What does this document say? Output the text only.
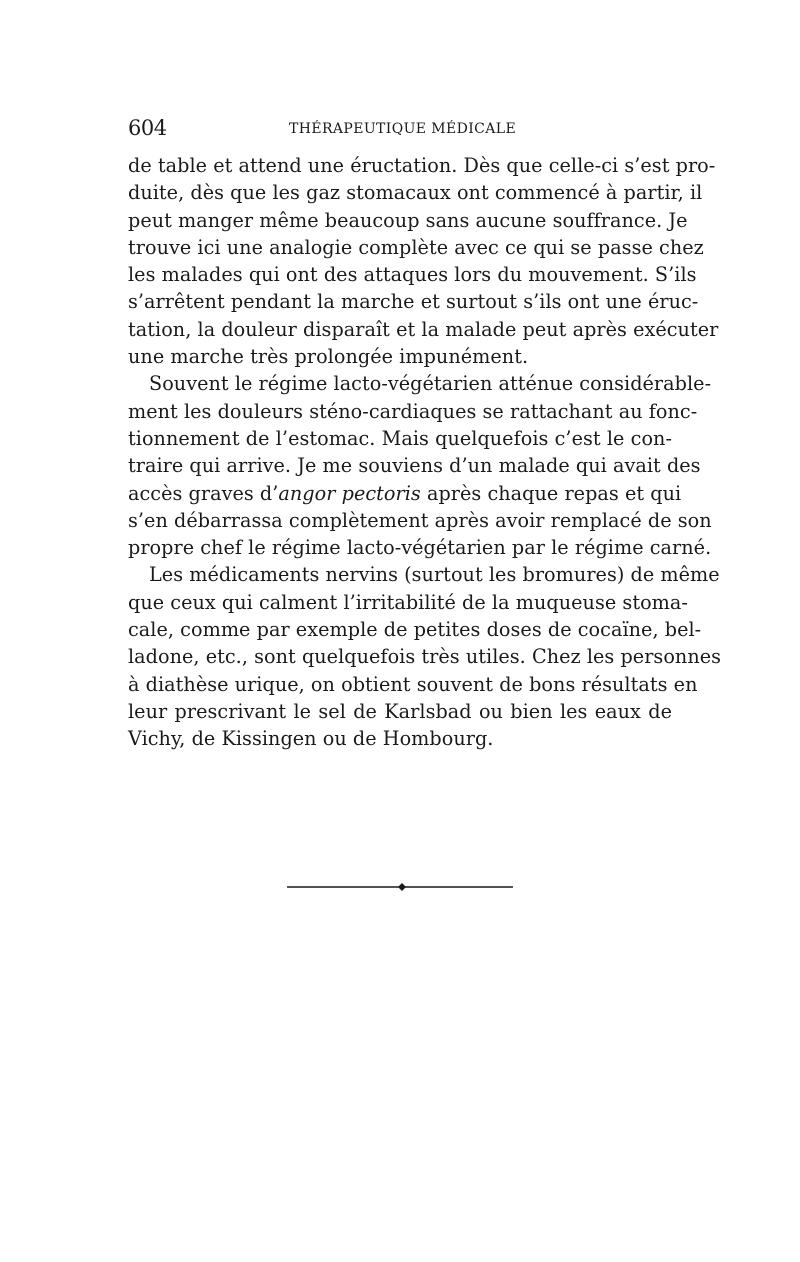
604	THÉRAPEUTIQUE MÉDICALE
de table et attend une éructation. Dès que celle-ci s’est pro-
duite, dès que les gaz stomacaux ont commencé à partir, il
peut manger même beaucoup sans aucune souffrance. Je
trouve ici une analogie complète avec ce qui se passe chez
les malades qui ont des attaques lors du mouvement. S’ils
s’arrêtent pendant la marche et surtout s’ils ont une éruc-
tation, la douleur disparaît et la malade peut après exécuter
une marche très prolongée impunément.
Souvent le régime lacto-végétarien atténue considérable-
ment les douleurs sténo-cardiaques se rattachant au fonc-
tionnement de l’estomac. Mais quelquefois c’est le con-
traire qui arrive. Je me souviens d’un malade qui avait des
accès graves d’angor pectoris après chaque repas et qui
s’en débarrassa complètement après avoir remplacé de son
propre chef le régime lacto-végétarien par le régime carné.
Les médicaments nervins (surtout les bromures) de même
que ceux qui calment l’irritabilité de la muqueuse stoma-
cale, comme par exemple de petites doses de cocaïne, bel-
ladone, etc., sont quelquefois très utiles. Chez les personnes
à diathèse urique, on obtient souvent de bons résultats en
leur prescrivant le sel de Karlsbad ou bien les eaux de
Vichy, de Kissingen ou de Hombourg.
